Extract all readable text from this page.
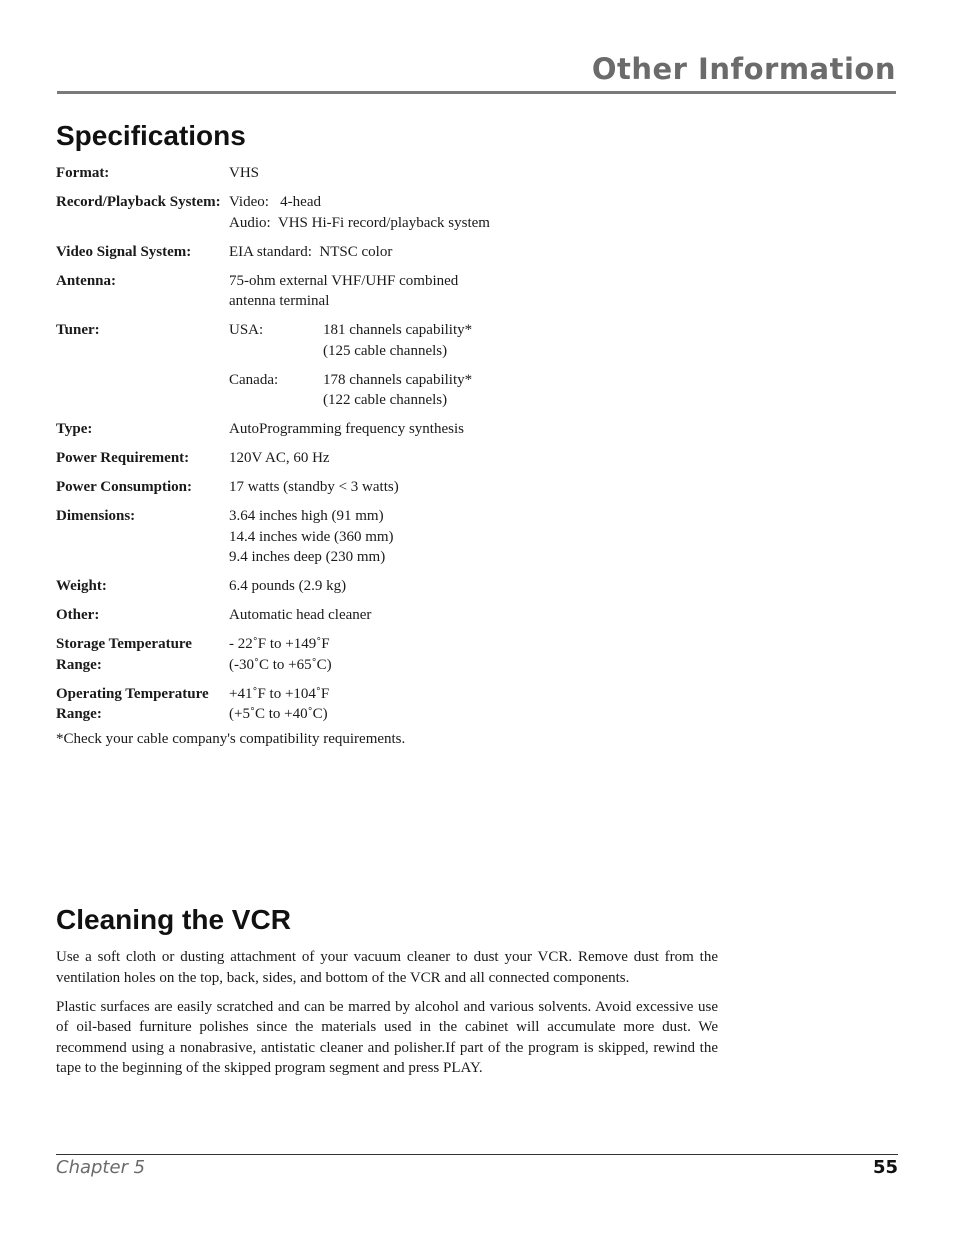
Other Information
Specifications
Format:	VHS
Record/Playback System: Video:   4-head
Audio:  VHS Hi-Fi record/playback system
Video Signal System:	EIA standard:  NTSC color
Antenna:	75-ohm external VHF/UHF combined
antenna terminal
Tuner:	USA:	181 channels capability*
(125 cable channels)
Canada:	178 channels capability*
(122 cable channels)
Type:	AutoProgramming frequency synthesis
Power Requirement:	120V AC, 60 Hz
Power Consumption:	17 watts (standby < 3 watts)
Dimensions:	3.64 inches high (91 mm)
14.4 inches wide (360 mm)
9.4 inches deep (230 mm)
Weight:	6.4 pounds (2.9 kg)
Other:	Automatic head cleaner
Storage Temperature Range:
- 22˚F to +149˚F
(-30˚C to +65˚C)
Operating Temperature Range:
+41˚F to +104˚F
(+5˚C to +40˚C)
*Check your cable company's compatibility requirements.
Cleaning the VCR

Use a soft cloth or dusting attachment of your vacuum cleaner to dust your VCR. Remove dust from the ventilation holes on the top, back, sides, and bottom of the VCR and all connected components.

Plastic surfaces are easily scratched and can be marred by alcohol and various solvents. Avoid excessive use of oil-based furniture polishes since the materials used in the cabinet will accumulate more dust. We recommend using a nonabrasive, antistatic cleaner and polisher.If part of the program is skipped, rewind the tape to the beginning of the skipped program segment and press PLAY.

Chapter 5	55
